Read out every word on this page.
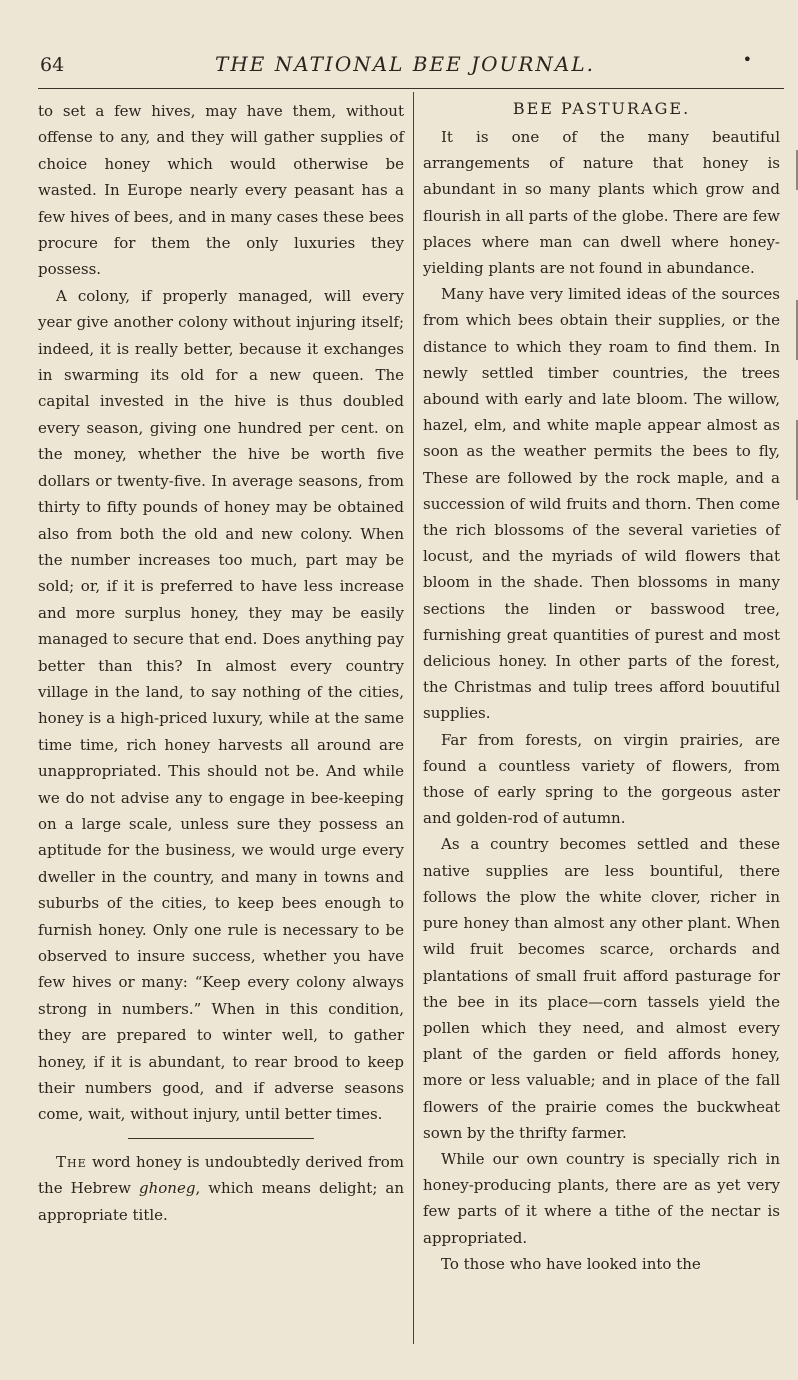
64	THE NATIONAL BEE JOURNAL.	•

to set a few hives, may have them, without offense to any, and they will gather supplies of choice honey which would otherwise be wasted. In Europe nearly every peasant has a few hives of bees, and in many cases these bees procure for them the only luxuries they possess.

A colony, if properly managed, will every year give another colony without injuring itself; indeed, it is really better, because it exchanges in swarming its old for a new queen. The capital invested in the hive is thus doubled every season, giving one hundred per cent. on the money, whether the hive be worth five dollars or twenty-five. In average seasons, from thirty to fifty pounds of honey may be obtained also from both the old and new colony. When the number increases too much, part may be sold; or, if it is preferred to have less increase and more surplus honey, they may be easily managed to secure that end. Does anything pay better than this? In almost every country village in the land, to say nothing of the cities, honey is a high-priced luxury, while at the same time time, rich honey harvests all around are unappropriated. This should not be. And while we do not advise any to engage in bee-keeping on a large scale, unless sure they possess an aptitude for the business, we would urge every dweller in the country, and many in towns and suburbs of the cities, to keep bees enough to furnish honey. Only one rule is necessary to be observed to insure success, whether you have few hives or many: “Keep every colony always strong in numbers.” When in this condition, they are prepared to winter well, to gather honey, if it is abundant, to rear brood to keep their numbers good, and if adverse seasons come, wait, without injury, until better times.

The word honey is undoubtedly derived from the Hebrew ghoneg, which means delight; an appropriate title.

BEE PASTURAGE.

It is one of the many beautiful arrangements of nature that honey is abundant in so many plants which grow and flourish in all parts of the globe. There are few places where man can dwell where honey-yielding plants are not found in abundance.

Many have very limited ideas of the sources from which bees obtain their supplies, or the distance to which they roam to find them. In newly settled timber countries, the trees abound with early and late bloom. The willow, hazel, elm, and white maple appear almost as soon as the weather permits the bees to fly, These are followed by the rock maple, and a succession of wild fruits and thorn. Then come the rich blossoms of the several varieties of locust, and the myriads of wild flowers that bloom in the shade. Then blossoms in many sections the linden or basswood tree, furnishing great quantities of purest and most delicious honey. In other parts of the forest, the Christmas and tulip trees afford bouutiful supplies.

Far from forests, on virgin prairies, are found a countless variety of flowers, from those of early spring to the gorgeous aster and golden-rod of autumn.

As a country becomes settled and these native supplies are less bountiful, there follows the plow the white clover, richer in pure honey than almost any other plant. When wild fruit becomes scarce, orchards and plantations of small fruit afford pasturage for the bee in its place—corn tassels yield the pollen which they need, and almost every plant of the garden or field affords honey, more or less valuable; and in place of the fall flowers of the prairie comes the buckwheat sown by the thrifty farmer.

While our own country is specially rich in honey-producing plants, there are as yet very few parts of it where a tithe of the nectar is appropriated.

To those who have looked into the
